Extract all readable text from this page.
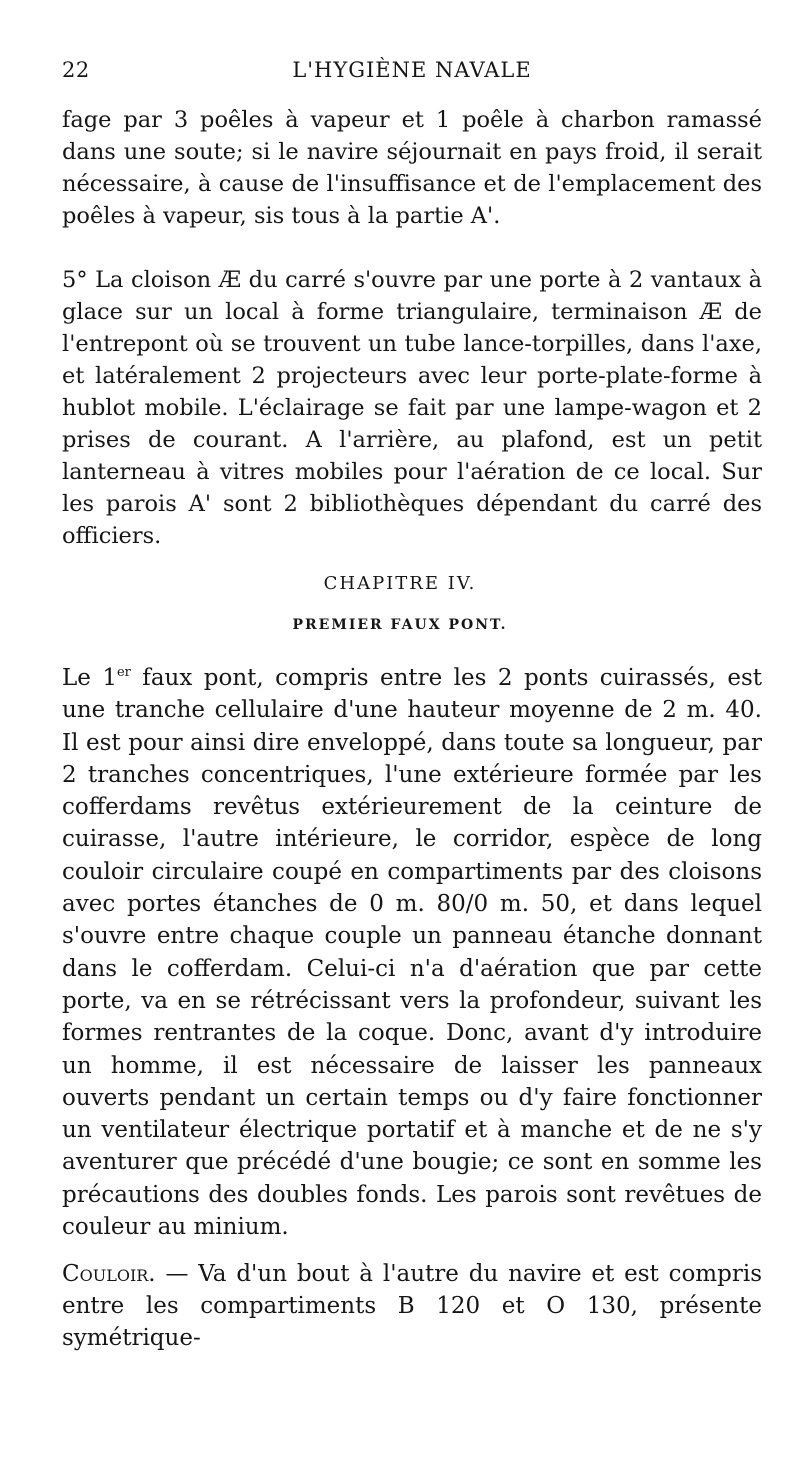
22	L'HYGIÈNE NAVALE

fage par 3 poêles à vapeur et 1 poêle à charbon ramassé dans une soute; si le navire séjournait en pays froid, il serait nécessaire, à cause de l'insuffisance et de l'emplacement des poêles à vapeur, sis tous à la partie A'.

5° La cloison Æ du carré s'ouvre par une porte à 2 vantaux à glace sur un local à forme triangulaire, terminaison Æ de l'entrepont où se trouvent un tube lance-torpilles, dans l'axe, et latéralement 2 projecteurs avec leur porte-plate-forme à hublot mobile. L'éclairage se fait par une lampe-wagon et 2 prises de courant. A l'arrière, au plafond, est un petit lanterneau à vitres mobiles pour l'aération de ce local. Sur les parois A' sont 2 bibliothèques dépendant du carré des officiers.

CHAPITRE IV.
PREMIER FAUX PONT.

Le 1er faux pont, compris entre les 2 ponts cuirassés, est une tranche cellulaire d'une hauteur moyenne de 2 m. 40. Il est pour ainsi dire enveloppé, dans toute sa longueur, par 2 tranches concentriques, l'une extérieure formée par les cofferdams revêtus extérieurement de la ceinture de cuirasse, l'autre intérieure, le corridor, espèce de long couloir circulaire coupé en compartiments par des cloisons avec portes étanches de 0 m. 80/0 m. 50, et dans lequel s'ouvre entre chaque couple un panneau étanche donnant dans le cofferdam. Celui-ci n'a d'aération que par cette porte, va en se rétrécissant vers la profondeur, suivant les formes rentrantes de la coque. Donc, avant d'y introduire un homme, il est nécessaire de laisser les panneaux ouverts pendant un certain temps ou d'y faire fonctionner un ventilateur électrique portatif et à manche et de ne s'y aventurer que précédé d'une bougie; ce sont en somme les précautions des doubles fonds. Les parois sont revêtues de couleur au minium.

Couloir. — Va d'un bout à l'autre du navire et est compris entre les compartiments B 120 et O 130, présente symétrique-
